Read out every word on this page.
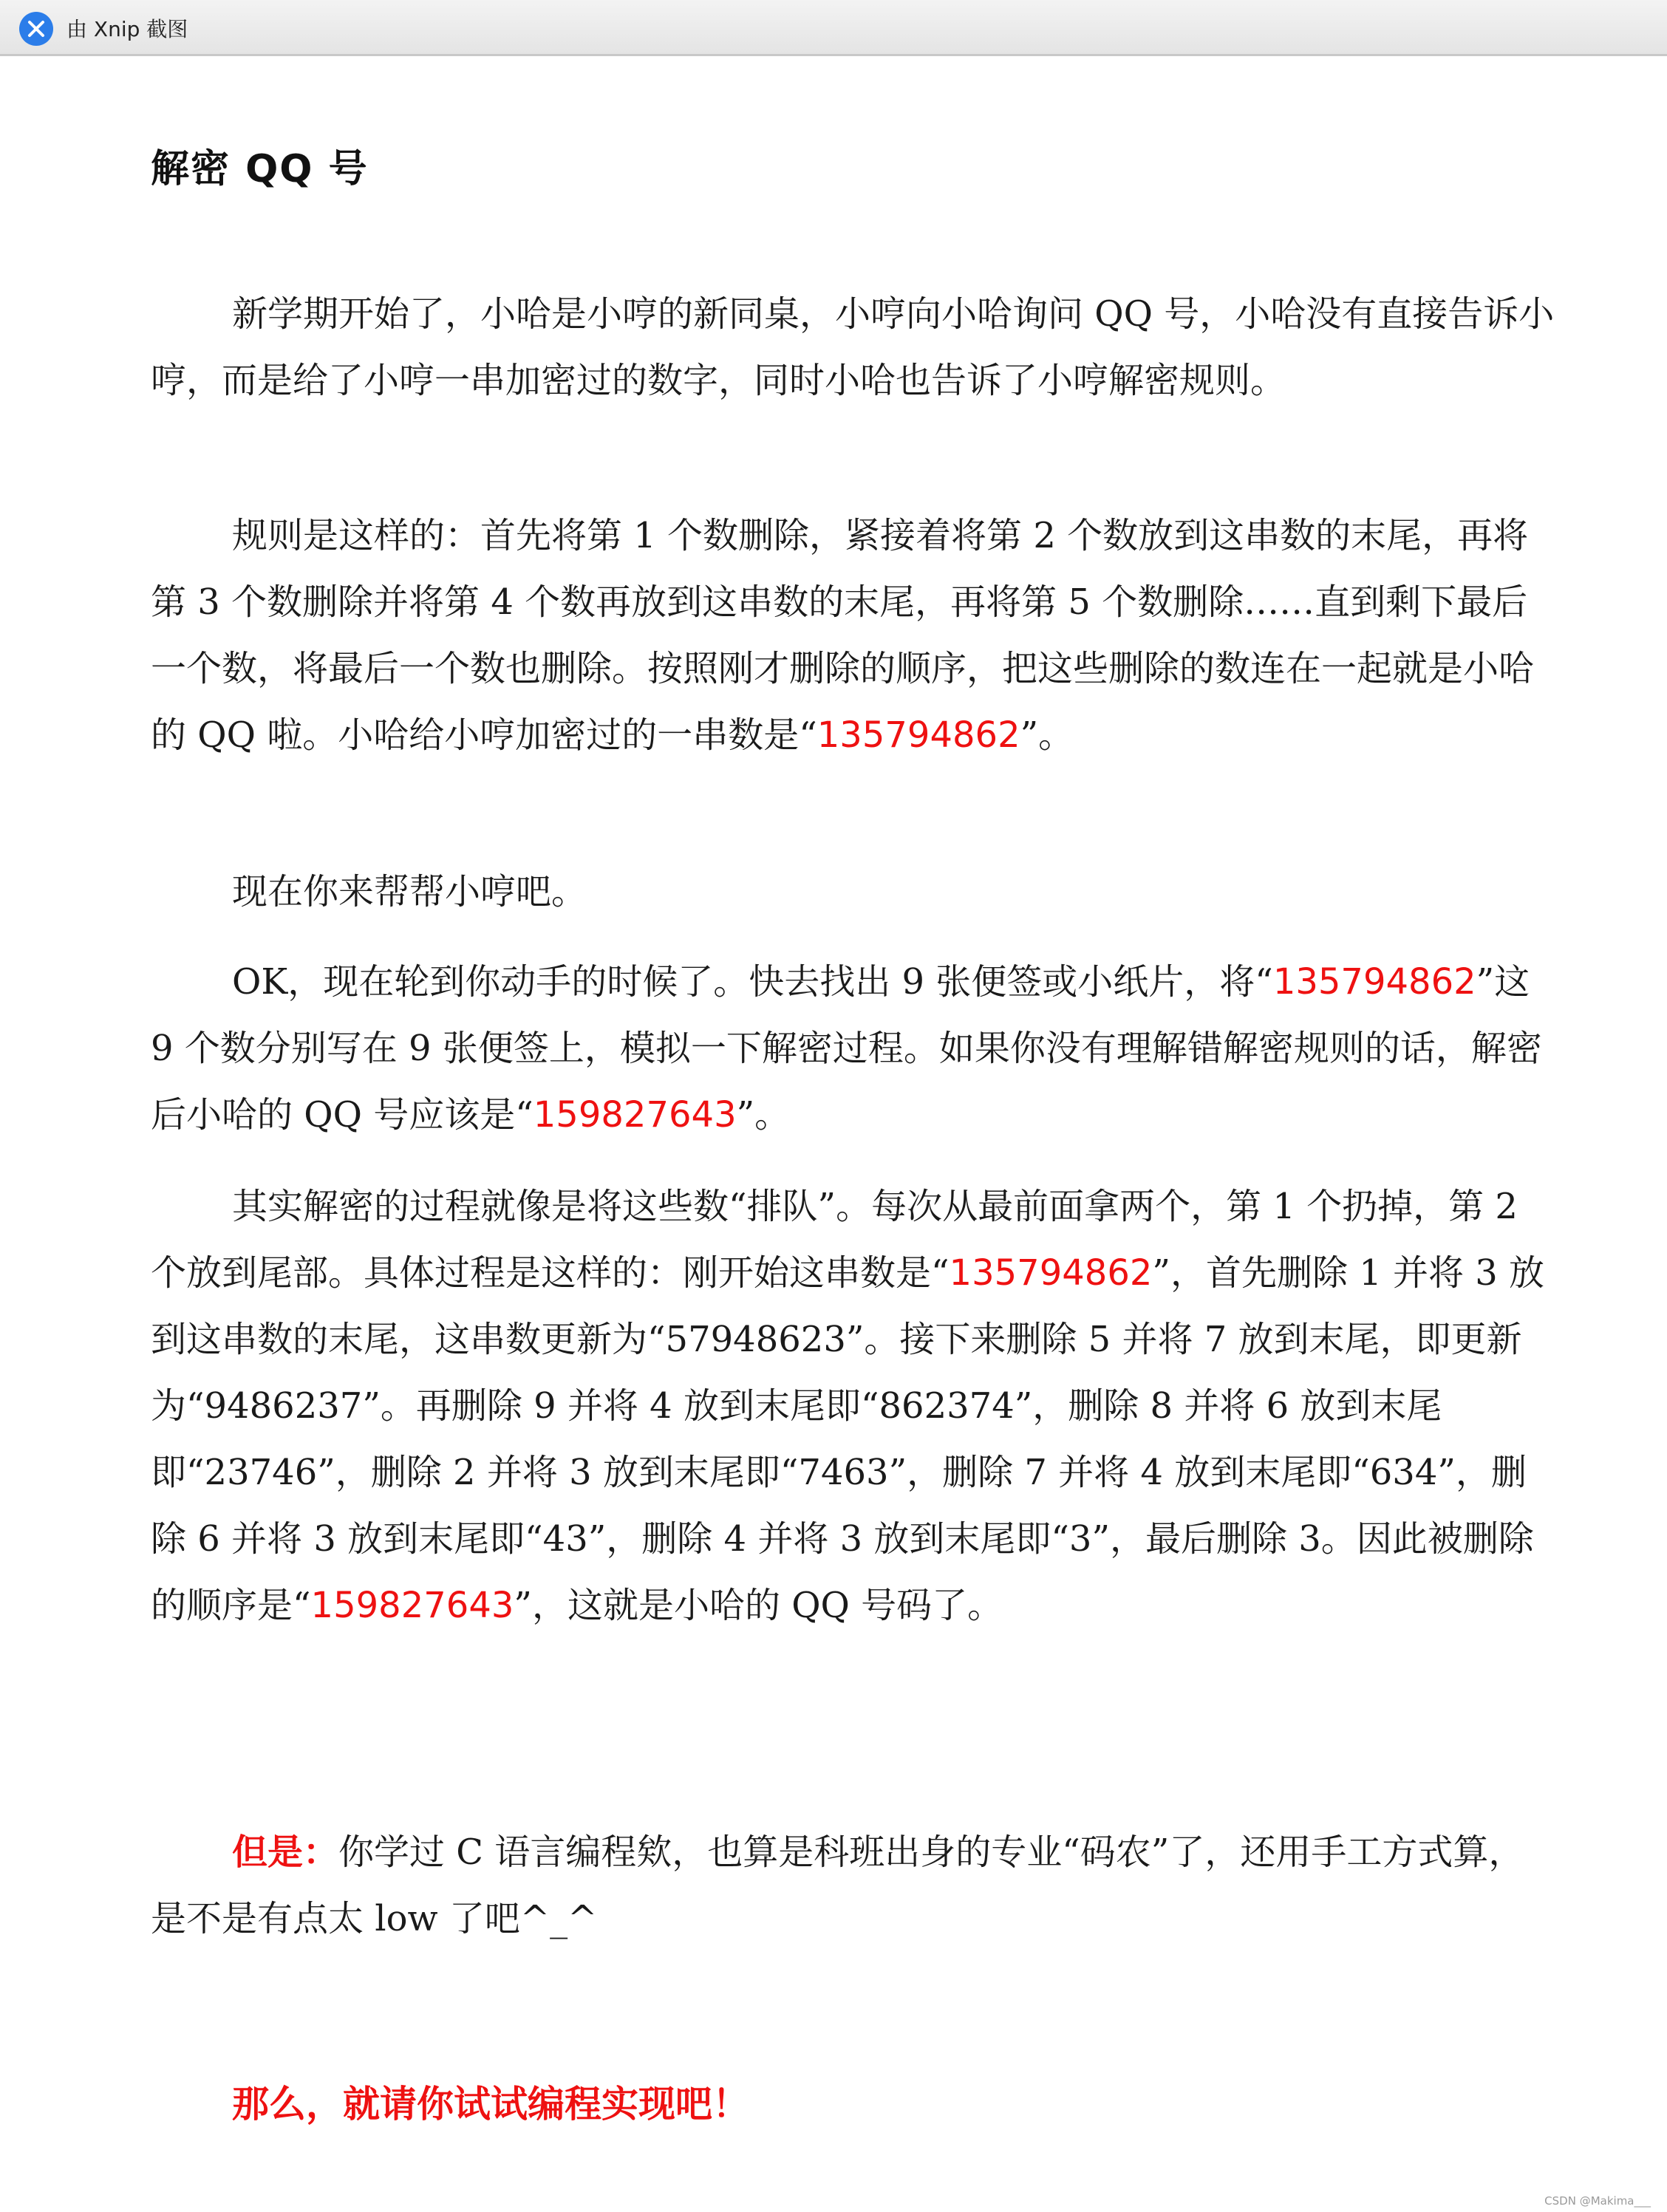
由 Xnip 截图
解密 QQ 号

新学期开始了，小哈是小哼的新同桌，小哼向小哈询问 QQ 号，小哈没有直接告诉小哼，而是给了小哼一串加密过的数字，同时小哈也告诉了小哼解密规则。

规则是这样的：首先将第 1 个数删除，紧接着将第 2 个数放到这串数的末尾，再将第 3 个数删除并将第 4 个数再放到这串数的末尾，再将第 5 个数删除……直到剩下最后一个数，将最后一个数也删除。按照刚才删除的顺序，把这些删除的数连在一起就是小哈的 QQ 啦。小哈给小哼加密过的一串数是“135794862”。

现在你来帮帮小哼吧。

OK，现在轮到你动手的时候了。快去找出 9 张便签或小纸片，将“135794862”这 9 个数分别写在 9 张便签上，模拟一下解密过程。如果你没有理解错解密规则的话，解密后小哈的 QQ 号应该是“159827643”。

其实解密的过程就像是将这些数“排队”。每次从最前面拿两个，第 1 个扔掉，第 2 个放到尾部。具体过程是这样的：刚开始这串数是“135794862”，首先删除 1 并将 3 放到这串数的末尾，这串数更新为“57948623”。接下来删除 5 并将 7 放到末尾，即更新为“9486237”。再删除 9 并将 4 放到末尾即“862374”，删除 8 并将 6 放到末尾即“23746”，删除 2 并将 3 放到末尾即“7463”，删除 7 并将 4 放到末尾即“634”，删除 6 并将 3 放到末尾即“43”，删除 4 并将 3 放到末尾即“3”，最后删除 3。因此被删除的顺序是“159827643”，这就是小哈的 QQ 号码了。

但是：你学过 C 语言编程欸，也算是科班出身的专业“码农”了，还用手工方式算，是不是有点太 low 了吧^_^

那么，就请你试试编程实现吧！

CSDN @Makima___
